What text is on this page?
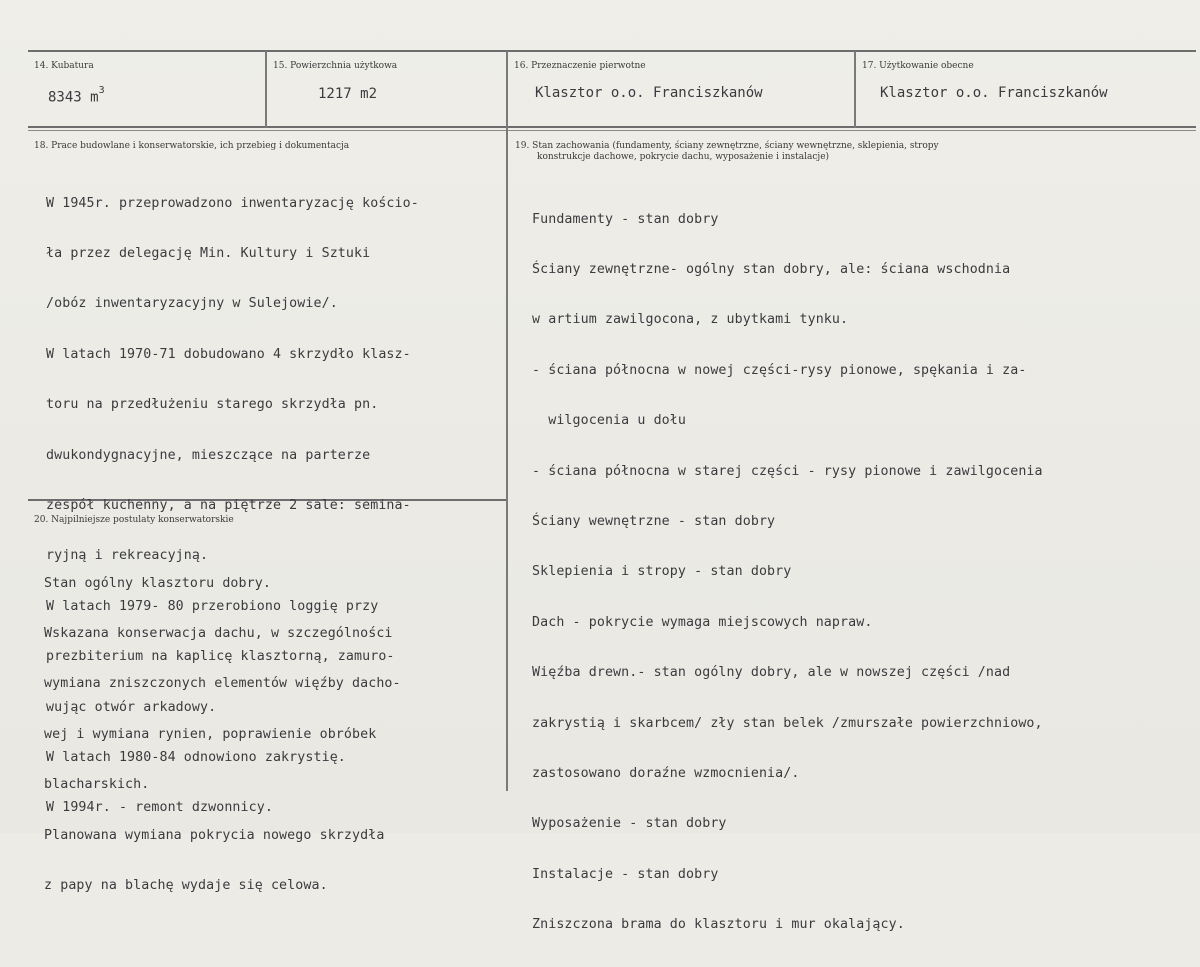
14. Kubatura
8343 $m^3$
15. Powierzchnia użytkowa
1217 m2
16. Przeznaczenie pierwotne
Klasztor o.o. Franciszkanów
17. Użytkowanie obecne
Klasztor o.o. Franciszkanów
18. Prace budowlane i konserwatorskie, ich przebieg i dokumentacja

W 1945r. przeprowadzono inwentaryzację kościo-

ła przez delegację Min. Kultury i Sztuki

/obóz inwentaryzacyjny w Sulejowie/.

W latach 1970-71 dobudowano 4 skrzydło klasz-

toru na przedłużeniu starego skrzydła pn.

dwukondygnacyjne, mieszczące na parterze

zespół kuchenny, a na piętrze 2 sale: semina-

ryjną i rekreacyjną.

W latach 1979- 80 przerobiono loggię przy

prezbiterium na kaplicę klasztorną, zamuro-

wując otwór arkadowy.

W latach 1980-84 odnowiono zakrystię.

W 1994r. - remont dzwonnicy.

19. Stan zachowania (fundamenty, ściany zewnętrzne, ściany wewnętrzne, sklepienia, stropy
konstrukcje dachowe, pokrycie dachu, wyposażenie i instalacje)

Fundamenty - stan dobry

Ściany zewnętrzne- ogólny stan dobry, ale: ściana wschodnia

w artium zawilgocona, z ubytkami tynku.

- ściana północna w nowej części-rysy pionowe, spękania i za-

wilgocenia u dołu

- ściana północna w starej części - rysy pionowe i zawilgocenia

Ściany wewnętrzne - stan dobry

Sklepienia i stropy - stan dobry

Dach - pokrycie wymaga miejscowych napraw.

Więźba drewn.- stan ogólny dobry, ale w nowszej części /nad

zakrystią i skarbcem/ zły stan belek /zmurszałe powierzchniowo,

zastosowano doraźne wzmocnienia/.

Wyposażenie - stan dobry

Instalacje - stan dobry

Zniszczona brama do klasztoru i mur okalający.

20. Najpilniejsze postulaty konserwatorskie

Stan ogólny klasztoru dobry.

Wskazana konserwacja dachu, w szczególności

wymiana zniszczonych elementów więźby dacho-

wej i wymiana rynien, poprawienie obróbek

blacharskich.

Planowana wymiana pokrycia nowego skrzydła

z papy na blachę wydaje się celowa.
